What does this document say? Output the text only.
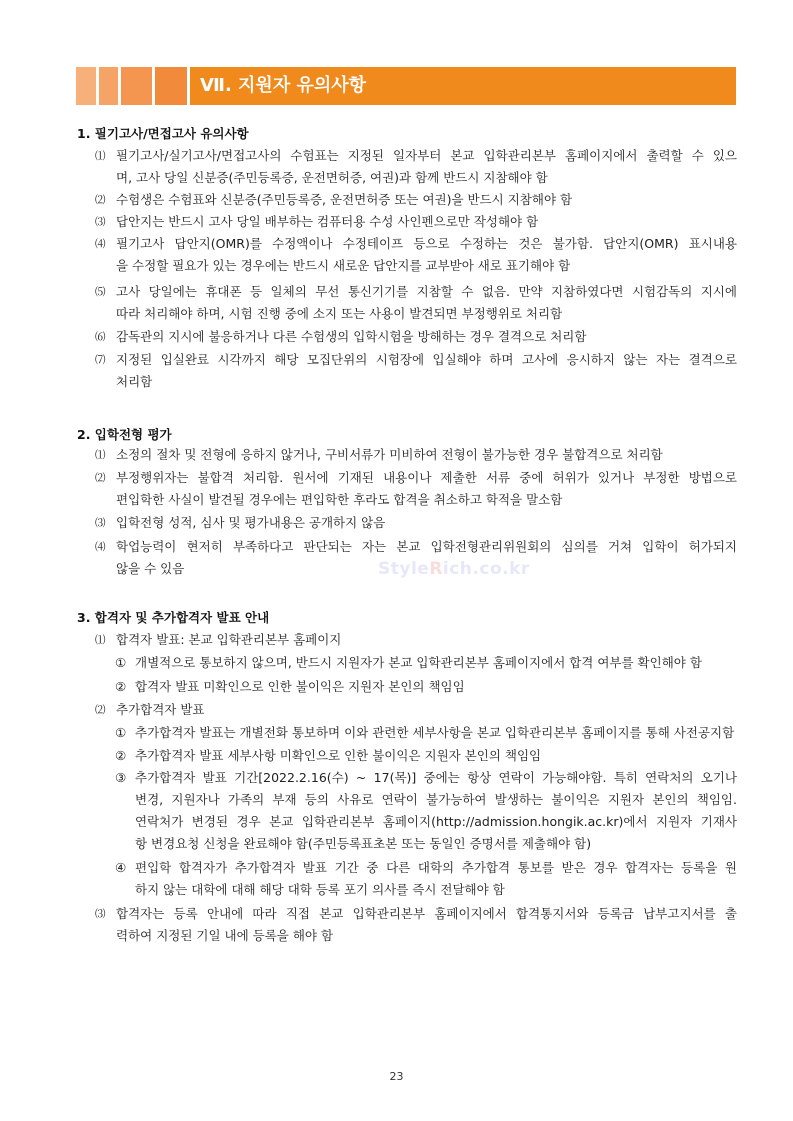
Ⅶ. 지원자 유의사항
1. 필기고사/면접고사 유의사항
⑴ 필기고사/실기고사/면접고사의 수험표는 지정된 일자부터 본교 입학관리본부 홈페이지에서 출력할 수 있으
며, 고사 당일 신분증(주민등록증, 운전면허증, 여권)과 함께 반드시 지참해야 함
⑵ 수험생은 수험표와 신분증(주민등록증, 운전면허증 또는 여권)을 반드시 지참해야 함
⑶ 답안지는 반드시 고사 당일 배부하는 컴퓨터용 수성 사인펜으로만 작성해야 함
⑷ 필기고사 답안지(OMR)를 수정액이나 수정테이프 등으로 수정하는 것은 불가함. 답안지(OMR) 표시내용
을 수정할 필요가 있는 경우에는 반드시 새로운 답안지를 교부받아 새로 표기해야 함
⑸ 고사 당일에는 휴대폰 등 일체의 무선 통신기기를 지참할 수 없음. 만약 지참하였다면 시험감독의 지시에
따라 처리해야 하며, 시험 진행 중에 소지 또는 사용이 발견되면 부정행위로 처리함
⑹ 감독관의 지시에 불응하거나 다른 수험생의 입학시험을 방해하는 경우 결격으로 처리함
⑺ 지정된 입실완료 시각까지 해당 모집단위의 시험장에 입실해야 하며 고사에 응시하지 않는 자는 결격으로
처리함
2. 입학전형 평가
⑴ 소정의 절차 및 전형에 응하지 않거나, 구비서류가 미비하여 전형이 불가능한 경우 불합격으로 처리함
⑵ 부정행위자는 불합격 처리함. 원서에 기재된 내용이나 제출한 서류 중에 허위가 있거나 부정한 방법으로
편입학한 사실이 발견될 경우에는 편입학한 후라도 합격을 취소하고 학적을 말소함
⑶ 입학전형 성적, 심사 및 평가내용은 공개하지 않음
⑷ 학업능력이 현저히 부족하다고 판단되는 자는 본교 입학전형관리위원회의 심의를 거쳐 입학이 허가되지
않을 수 있음	StyleRich.co.kr
3. 합격자 및 추가합격자 발표 안내
⑴ 합격자 발표: 본교 입학관리본부 홈페이지
① 개별적으로 통보하지 않으며, 반드시 지원자가 본교 입학관리본부 홈페이지에서 합격 여부를 확인해야 함
② 합격자 발표 미확인으로 인한 불이익은 지원자 본인의 책임임
⑵ 추가합격자 발표
① 추가합격자 발표는 개별전화 통보하며 이와 관련한 세부사항을 본교 입학관리본부 홈페이지를 통해 사전공지함
② 추가합격자 발표 세부사항 미확인으로 인한 불이익은 지원자 본인의 책임임
③ 추가합격자 발표 기간[2022.2.16(수) ~ 17(목)] 중에는 항상 연락이 가능해야함. 특히 연락처의 오기나
변경, 지원자나 가족의 부재 등의 사유로 연락이 불가능하여 발생하는 불이익은 지원자 본인의 책임임.
연락처가 변경된 경우 본교 입학관리본부 홈페이지(http://admission.hongik.ac.kr)에서 지원자 기재사
항 변경요청 신청을 완료해야 함(주민등록표초본 또는 동일인 증명서를 제출해야 함)
④ 편입학 합격자가 추가합격자 발표 기간 중 다른 대학의 추가합격 통보를 받은 경우 합격자는 등록을 원
하지 않는 대학에 대해 해당 대학 등록 포기 의사를 즉시 전달해야 함
⑶ 합격자는 등록 안내에 따라 직접 본교 입학관리본부 홈페이지에서 합격통지서와 등록금 납부고지서를 출
력하여 지정된 기일 내에 등록을 해야 함
23
